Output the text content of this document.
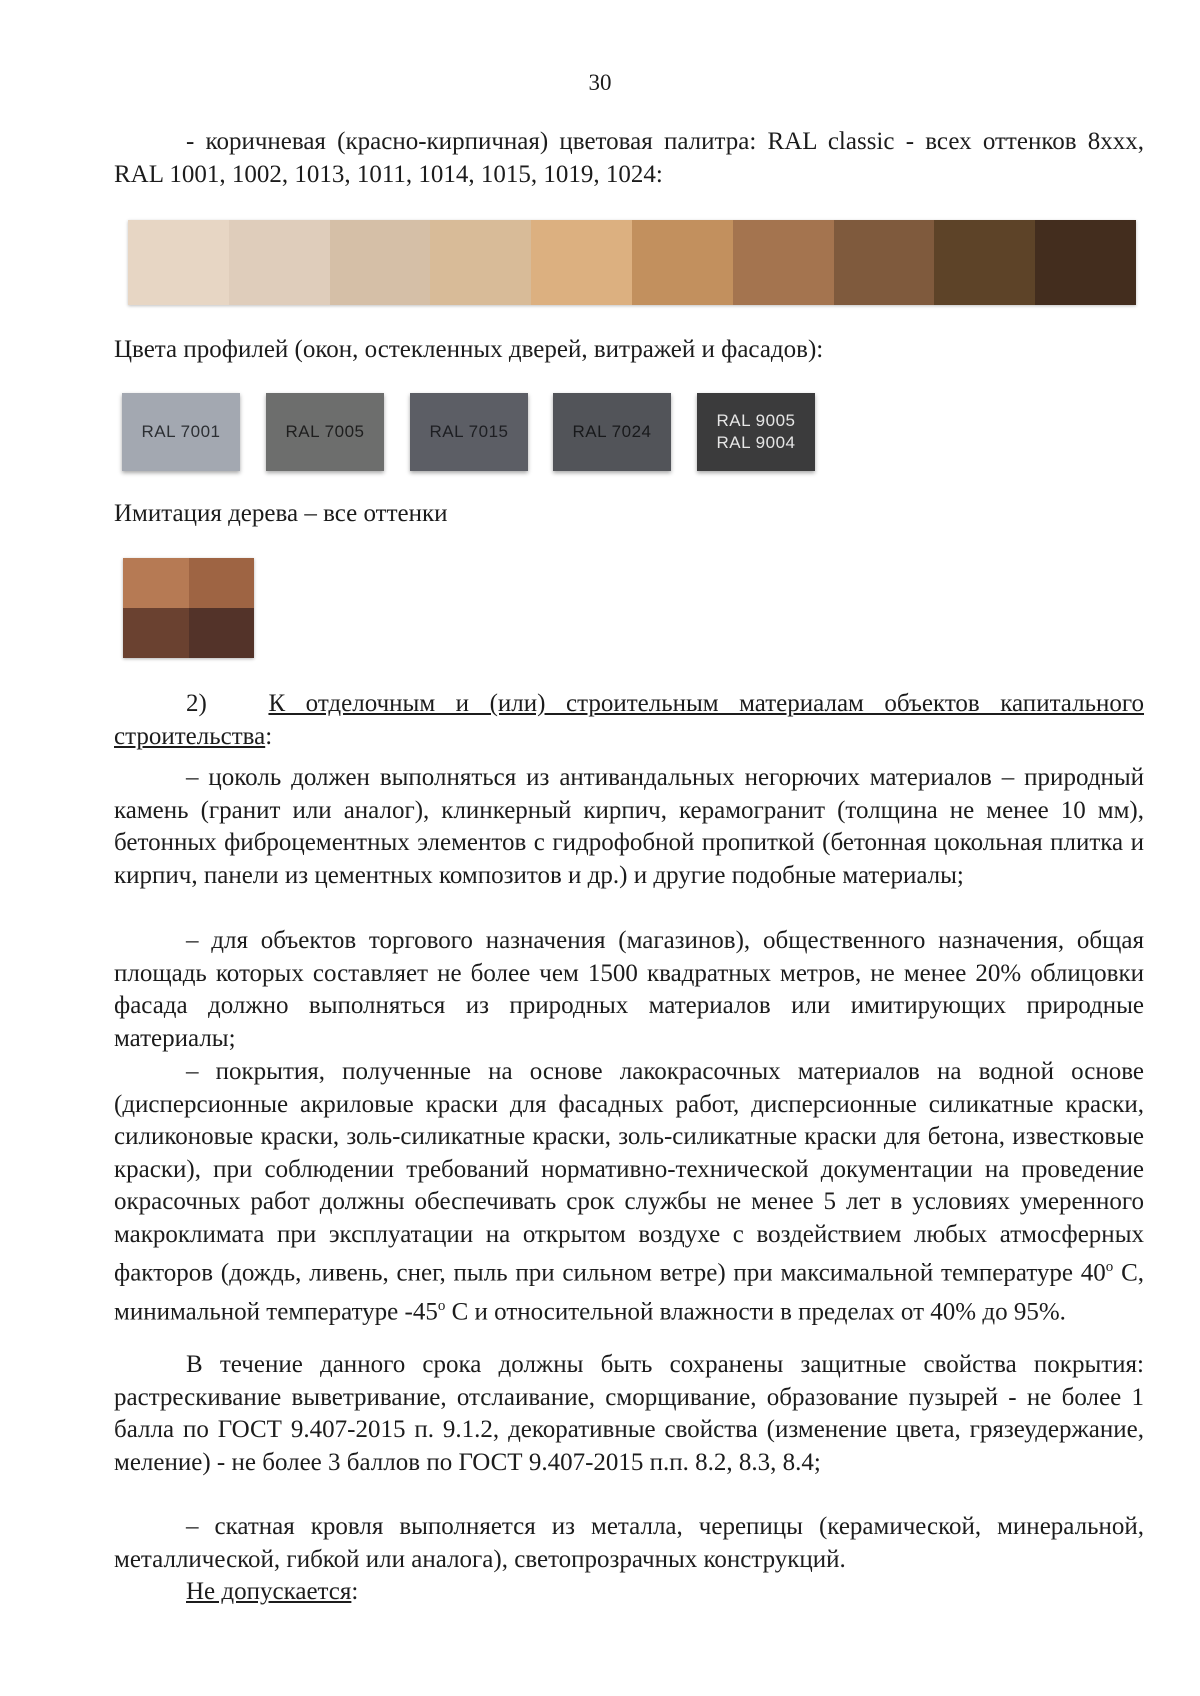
30

- коричневая (красно-кирпичная) цветовая палитра: RAL classic - всех оттенков 8xxx, RAL 1001, 1002, 1013, 1011, 1014, 1015, 1019, 1024:

Цвета профилей (окон, остекленных дверей, витражей и фасадов):

RAL 7001	RAL 7005	RAL 7015	RAL 7024
RAL 9005
RAL 9004

Имитация дерева – все оттенки

2) К отделочным и (или) строительным материалам объектов капитального строительства:

– цоколь должен выполняться из антивандальных негорючих материалов – природный камень (гранит или аналог), клинкерный кирпич, керамогранит (толщина не менее 10 мм), бетонных фиброцементных элементов с гидрофобной пропиткой (бетонная цокольная плитка и кирпич, панели из цементных композитов и др.) и другие подобные материалы;

– для объектов торгового назначения (магазинов), общественного назначения, общая площадь которых составляет не более чем 1500 квадратных метров, не менее 20% облицовки фасада должно выполняться из природных материалов или имитирующих природные материалы;

– покрытия, полученные на основе лакокрасочных материалов на водной основе (дисперсионные акриловые краски для фасадных работ, дисперсионные силикатные краски, силиконовые краски, золь-силикатные краски, золь-силикатные краски для бетона, известковые краски), при соблюдении требований нормативно-технической документации на проведение окрасочных работ должны обеспечивать срок службы не менее 5 лет в условиях умеренного макроклимата при эксплуатации на открытом воздухе с воздействием любых атмосферных факторов (дождь, ливень, снег, пыль при сильном ветре) при максимальной температуре 40$^o$ С, минимальной температуре -45$^o$ С и относительной влажности в пределах от 40% до 95%.

В течение данного срока должны быть сохранены защитные свойства покрытия: растрескивание выветривание, отслаивание, сморщивание, образование пузырей - не более 1 балла по ГОСТ 9.407-2015 п. 9.1.2, декоративные свойства (изменение цвета, грязеудержание, меление) - не более 3 баллов по ГОСТ 9.407-2015 п.п. 8.2, 8.3, 8.4;

– скатная кровля выполняется из металла, черепицы (керамической, минеральной, металлической, гибкой или аналога), светопрозрачных конструкций.

Не допускается:
